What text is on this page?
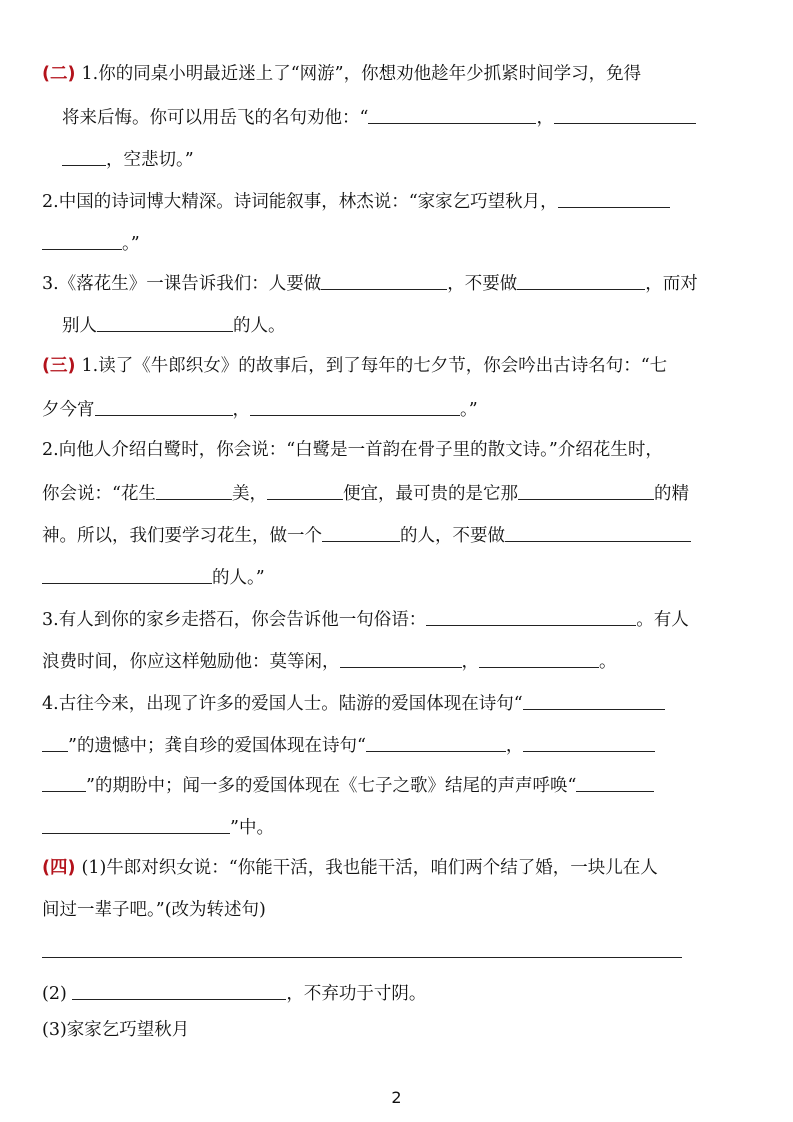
(二) 1.你的同桌小明最近迷上了“网游”，你想劝他趁年少抓紧时间学习，免得
将来后悔。你可以用岳飞的名句劝他：“	，
，空悲切。”
2.中国的诗词博大精深。诗词能叙事，林杰说：“家家乞巧望秋月，
。”
3.《落花生》一课告诉我们：人要做	，不要做	，而对
别人	的人。
(三) 1.读了《牛郎织女》的故事后，到了每年的七夕节，你会吟出古诗名句：“七
夕今宵	，	。”
2.向他人介绍白鹭时，你会说：“白鹭是一首韵在骨子里的散文诗。”介绍花生时，
你会说：“花生	美，	便宜，最可贵的是它那	的精
神。所以，我们要学习花生，做一个	的人，不要做
的人。”
3.有人到你的家乡走搭石，你会告诉他一句俗语：	。有人
浪费时间，你应这样勉励他：莫等闲，	，	。
4.古往今来，出现了许多的爱国人士。陆游的爱国体现在诗句“
”的遗憾中；龚自珍的爱国体现在诗句“	，
”的期盼中；闻一多的爱国体现在《七子之歌》结尾的声声呼唤“
”中。
(四) (1)牛郎对织女说：“你能干活，我也能干活，咱们两个结了婚，一块儿在人
间过一辈子吧。”(改为转述句)
(2)	，不弃功于寸阴。
(3)家家乞巧望秋月
2
